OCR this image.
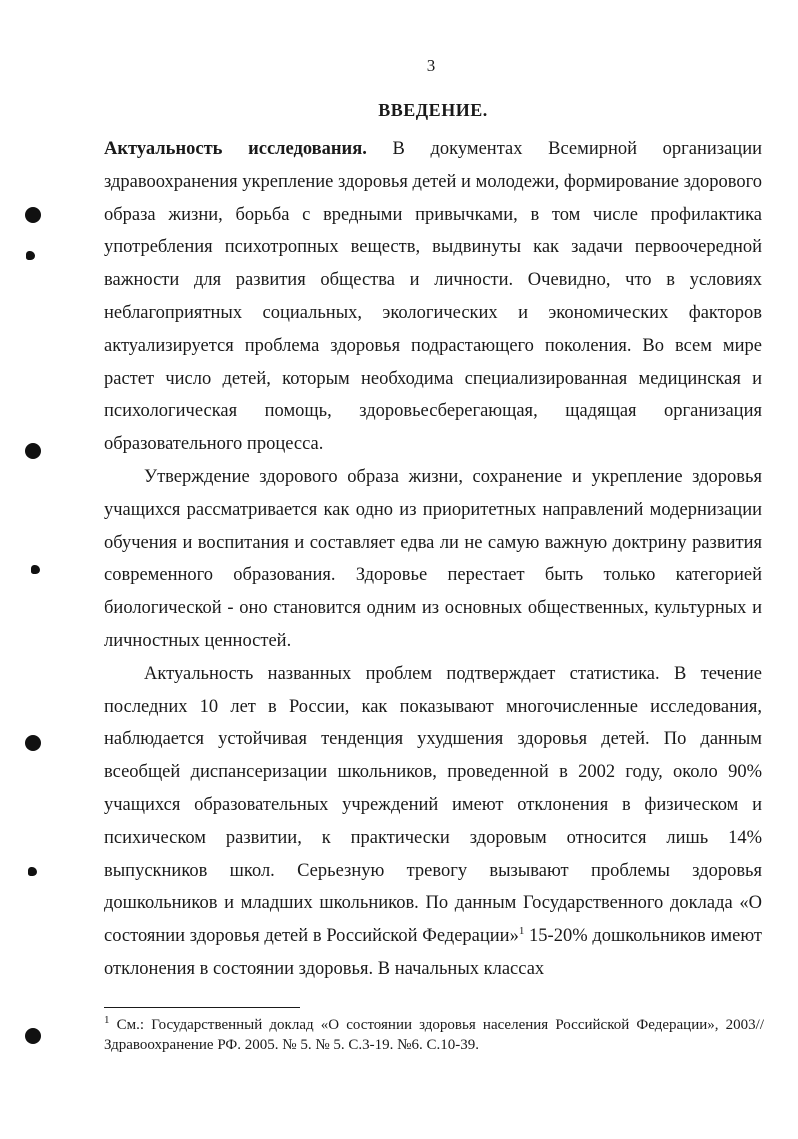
3
ВВЕДЕНИЕ.

Актуальность исследования. В документах Всемирной организации здравоохранения укрепление здоровья детей и молодежи, формирование здорового образа жизни, борьба с вредными привычками, в том числе профилактика употребления психотропных веществ, выдвинуты как задачи первоочередной важности для развития общества и личности. Очевидно, что в условиях неблагоприятных социальных, экологических и экономических факторов актуализируется проблема здоровья подрастающего поколения. Во всем мире растет число детей, которым необходима специализированная медицинская и психологическая помощь, здоровьесберегающая, щадящая организация образовательного процесса.

Утверждение здорового образа жизни, сохранение и укрепление здоровья учащихся рассматривается как одно из приоритетных направлений модернизации обучения и воспитания и составляет едва ли не самую важную доктрину развития современного образования. Здоровье перестает быть только категорией биологической - оно становится одним из основных общественных, культурных и личностных ценностей.

Актуальность названных проблем подтверждает статистика. В течение последних 10 лет в России, как показывают многочисленные исследования, наблюдается устойчивая тенденция ухудшения здоровья детей. По данным всеобщей диспансеризации школьников, проведенной в 2002 году, около 90% учащихся образовательных учреждений имеют отклонения в физическом и психическом развитии, к практически здоровым относится лишь 14% выпускников школ. Серьезную тревогу вызывают проблемы здоровья дошкольников и младших школьников. По данным Государственного доклада «О состоянии здоровья детей в Российской Федерации»$^1$ 15-20% дошкольников имеют отклонения в состоянии здоровья. В начальных классах

$^1$ См.: Государственный доклад «О состоянии здоровья населения Российской Федерации», 2003// Здравоохранение РФ. 2005. № 5. № 5. С.3-19. №6. С.10-39.
